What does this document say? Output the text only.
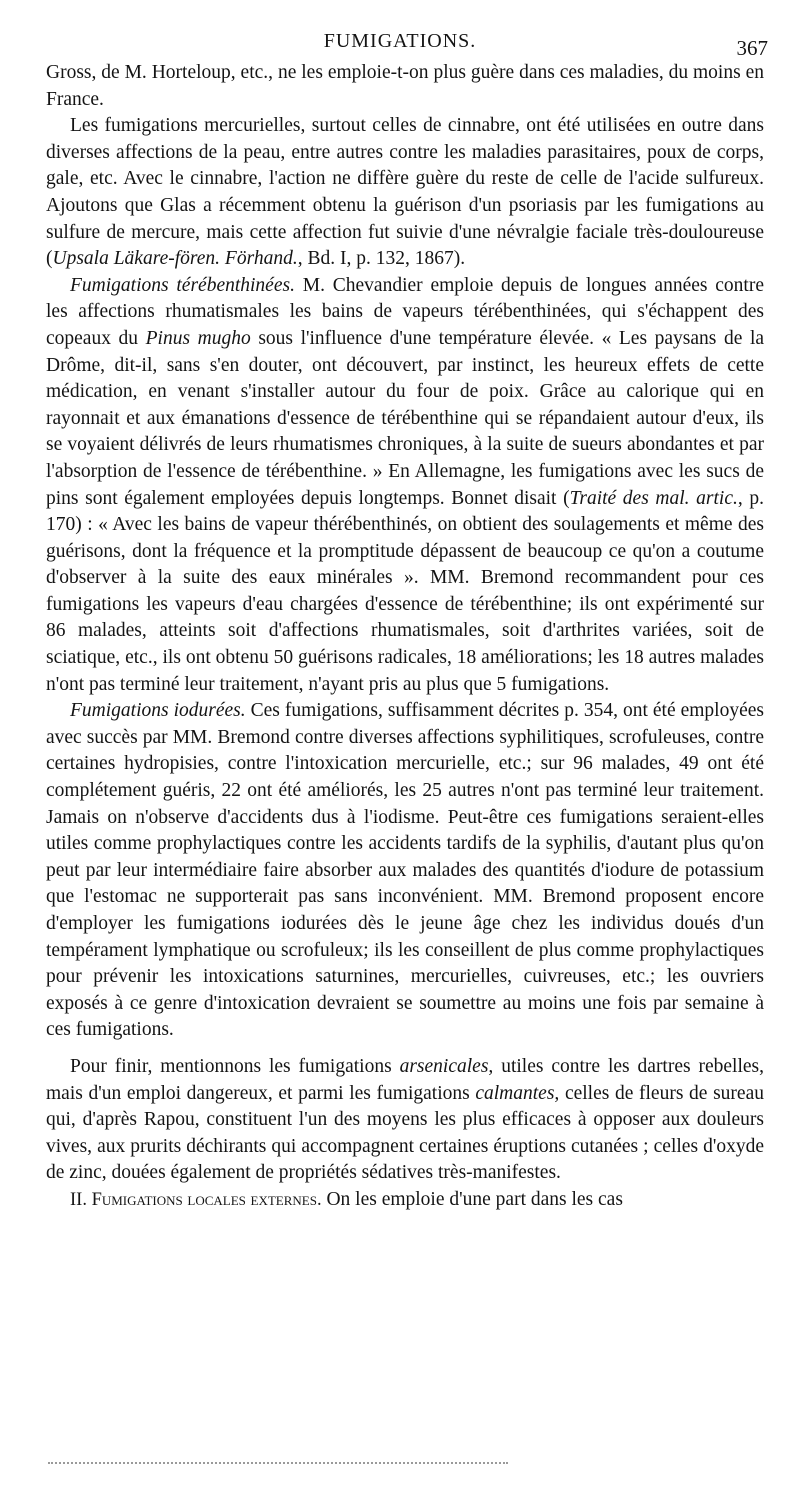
FUMIGATIONS.	367

Gross, de M. Horteloup, etc., ne les emploie-t-on plus guère dans ces maladies, du moins en France.

Les fumigations mercurielles, surtout celles de cinnabre, ont été utilisées en outre dans diverses affections de la peau, entre autres contre les maladies parasitaires, poux de corps, gale, etc. Avec le cinnabre, l'action ne diffère guère du reste de celle de l'acide sulfureux. Ajoutons que Glas a récemment obtenu la guérison d'un psoriasis par les fumigations au sulfure de mercure, mais cette affection fut suivie d'une névralgie faciale très-douloureuse (Upsala Läkare-fören. Förhand., Bd. I, p. 132, 1867).

Fumigations térébenthinées. M. Chevandier emploie depuis de longues années contre les affections rhumatismales les bains de vapeurs térébenthinées, qui s'échappent des copeaux du Pinus mugho sous l'influence d'une température élevée. « Les paysans de la Drôme, dit-il, sans s'en douter, ont découvert, par instinct, les heureux effets de cette médication, en venant s'installer autour du four de poix. Grâce au calorique qui en rayonnait et aux émanations d'essence de térébenthine qui se répandaient autour d'eux, ils se voyaient délivrés de leurs rhumatismes chroniques, à la suite de sueurs abondantes et par l'absorption de l'essence de térébenthine. » En Allemagne, les fumigations avec les sucs de pins sont également employées depuis longtemps. Bonnet disait (Traité des mal. artic., p. 170) : « Avec les bains de vapeur thérébenthinés, on obtient des soulagements et même des guérisons, dont la fréquence et la promptitude dépassent de beaucoup ce qu'on a coutume d'observer à la suite des eaux minérales ». MM. Bremond recommandent pour ces fumigations les vapeurs d'eau chargées d'essence de térébenthine; ils ont expérimenté sur 86 malades, atteints soit d'affections rhumatismales, soit d'arthrites variées, soit de sciatique, etc., ils ont obtenu 50 guérisons radicales, 18 améliorations; les 18 autres malades n'ont pas terminé leur traitement, n'ayant pris au plus que 5 fumigations.

Fumigations iodurées. Ces fumigations, suffisamment décrites p. 354, ont été employées avec succès par MM. Bremond contre diverses affections syphilitiques, scrofuleuses, contre certaines hydropisies, contre l'intoxication mercurielle, etc.; sur 96 malades, 49 ont été complétement guéris, 22 ont été améliorés, les 25 autres n'ont pas terminé leur traitement. Jamais on n'observe d'accidents dus à l'iodisme. Peut-être ces fumigations seraient-elles utiles comme prophylactiques contre les accidents tardifs de la syphilis, d'autant plus qu'on peut par leur intermédiaire faire absorber aux malades des quantités d'iodure de potassium que l'estomac ne supporterait pas sans inconvénient. MM. Bremond proposent encore d'employer les fumigations iodurées dès le jeune âge chez les individus doués d'un tempérament lymphatique ou scrofuleux; ils les conseillent de plus comme prophylactiques pour prévenir les intoxications saturnines, mercurielles, cuivreuses, etc.; les ouvriers exposés à ce genre d'intoxication devraient se soumettre au moins une fois par semaine à ces fumigations.

Pour finir, mentionnons les fumigations arsenicales, utiles contre les dartres rebelles, mais d'un emploi dangereux, et parmi les fumigations calmantes, celles de fleurs de sureau qui, d'après Rapou, constituent l'un des moyens les plus efficaces à opposer aux douleurs vives, aux prurits déchirants qui accompagnent certaines éruptions cutanées ; celles d'oxyde de zinc, douées également de propriétés sédatives très-manifestes.

II. Fumigations locales externes. On les emploie d'une part dans les cas
